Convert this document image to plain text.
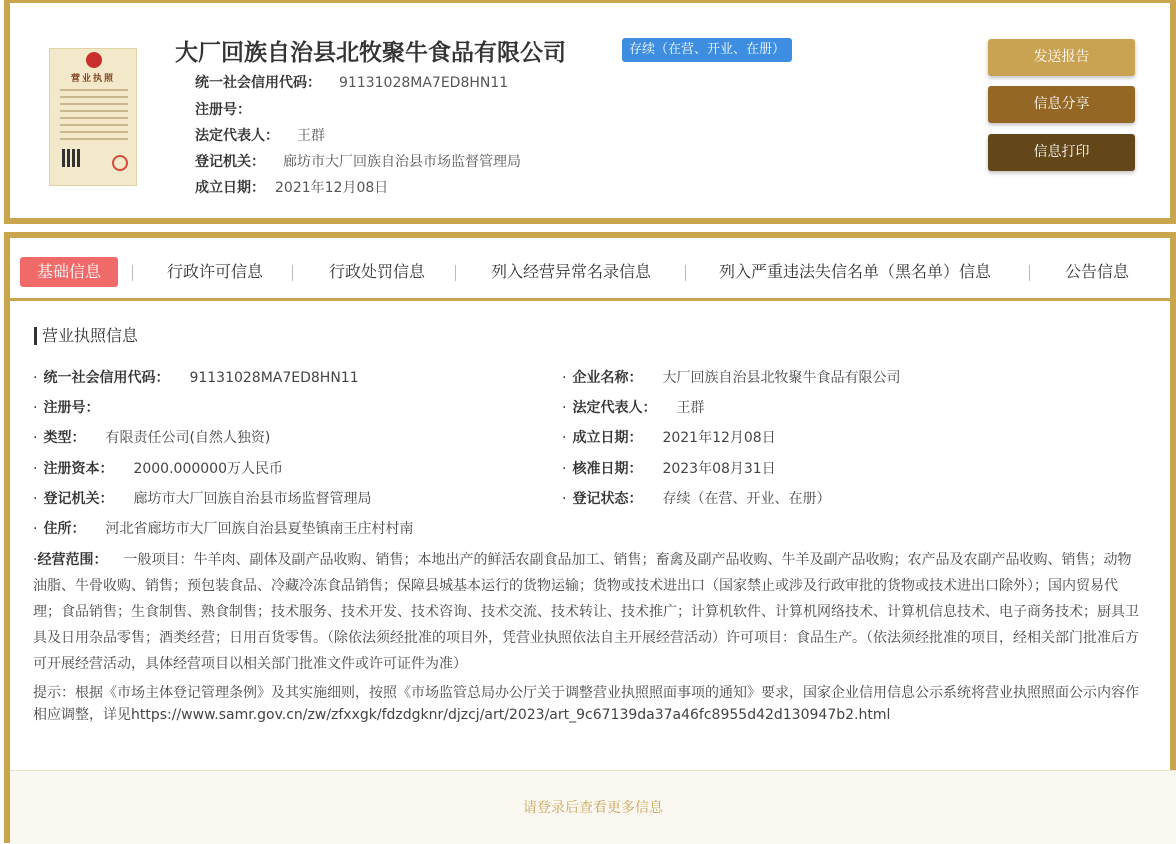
营业执照
大厂回族自治县北牧聚牛食品有限公司	存续（在营、开业、在册）
统一社会信用代码： 91131028MA7ED8HN11
注册号：
法定代表人： 王群
登记机关： 廊坊市大厂回族自治县市场监督管理局
成立日期： 2021年12月08日
发送报告
信息分享
信息打印
基础信息	行政许可信息	行政处罚信息	列入经营异常名录信息	列入严重违法失信名单（黑名单）信息	公告信息
营业执照信息
· 统一社会信用代码： 91131028MA7ED8HN11
· 注册号：
· 类型： 有限责任公司(自然人独资)
· 注册资本： 2000.000000万人民币
· 登记机关： 廊坊市大厂回族自治县市场监督管理局
· 住所： 河北省廊坊市大厂回族自治县夏垫镇南王庄村村南
· 企业名称： 大厂回族自治县北牧聚牛食品有限公司
· 法定代表人： 王群
· 成立日期： 2021年12月08日
· 核准日期： 2023年08月31日
· 登记状态： 存续（在营、开业、在册）
·经营范围： 一般项目：牛羊肉、副体及副产品收购、销售；本地出产的鲜活农副食品加工、销售；畜禽及副产品收购、牛羊及副产品收购；农产品及农副产品收购、销售；动物油脂、牛骨收购、销售；预包装食品、冷藏冷冻食品销售；保障县城基本运行的货物运输；货物或技术进出口（国家禁止或涉及行政审批的货物或技术进出口除外）；国内贸易代理；食品销售；生食制售、熟食制售；技术服务、技术开发、技术咨询、技术交流、技术转让、技术推广；计算机软件、计算机网络技术、计算机信息技术、电子商务技术；厨具卫具及日用杂品零售；酒类经营；日用百货零售。（除依法须经批准的项目外，凭营业执照依法自主开展经营活动）许可项目：食品生产。（依法须经批准的项目，经相关部门批准后方可开展经营活动，具体经营项目以相关部门批准文件或许可证件为准）
提示：根据《市场主体登记管理条例》及其实施细则，按照《市场监管总局办公厅关于调整营业执照照面事项的通知》要求，国家企业信用信息公示系统将营业执照照面公示内容作相应调整，详见https://www.samr.gov.cn/zw/zfxxgk/fdzdgknr/djzcj/art/2023/art_9c67139da37a46fc8955d42d130947b2.html
请登录后查看更多信息
